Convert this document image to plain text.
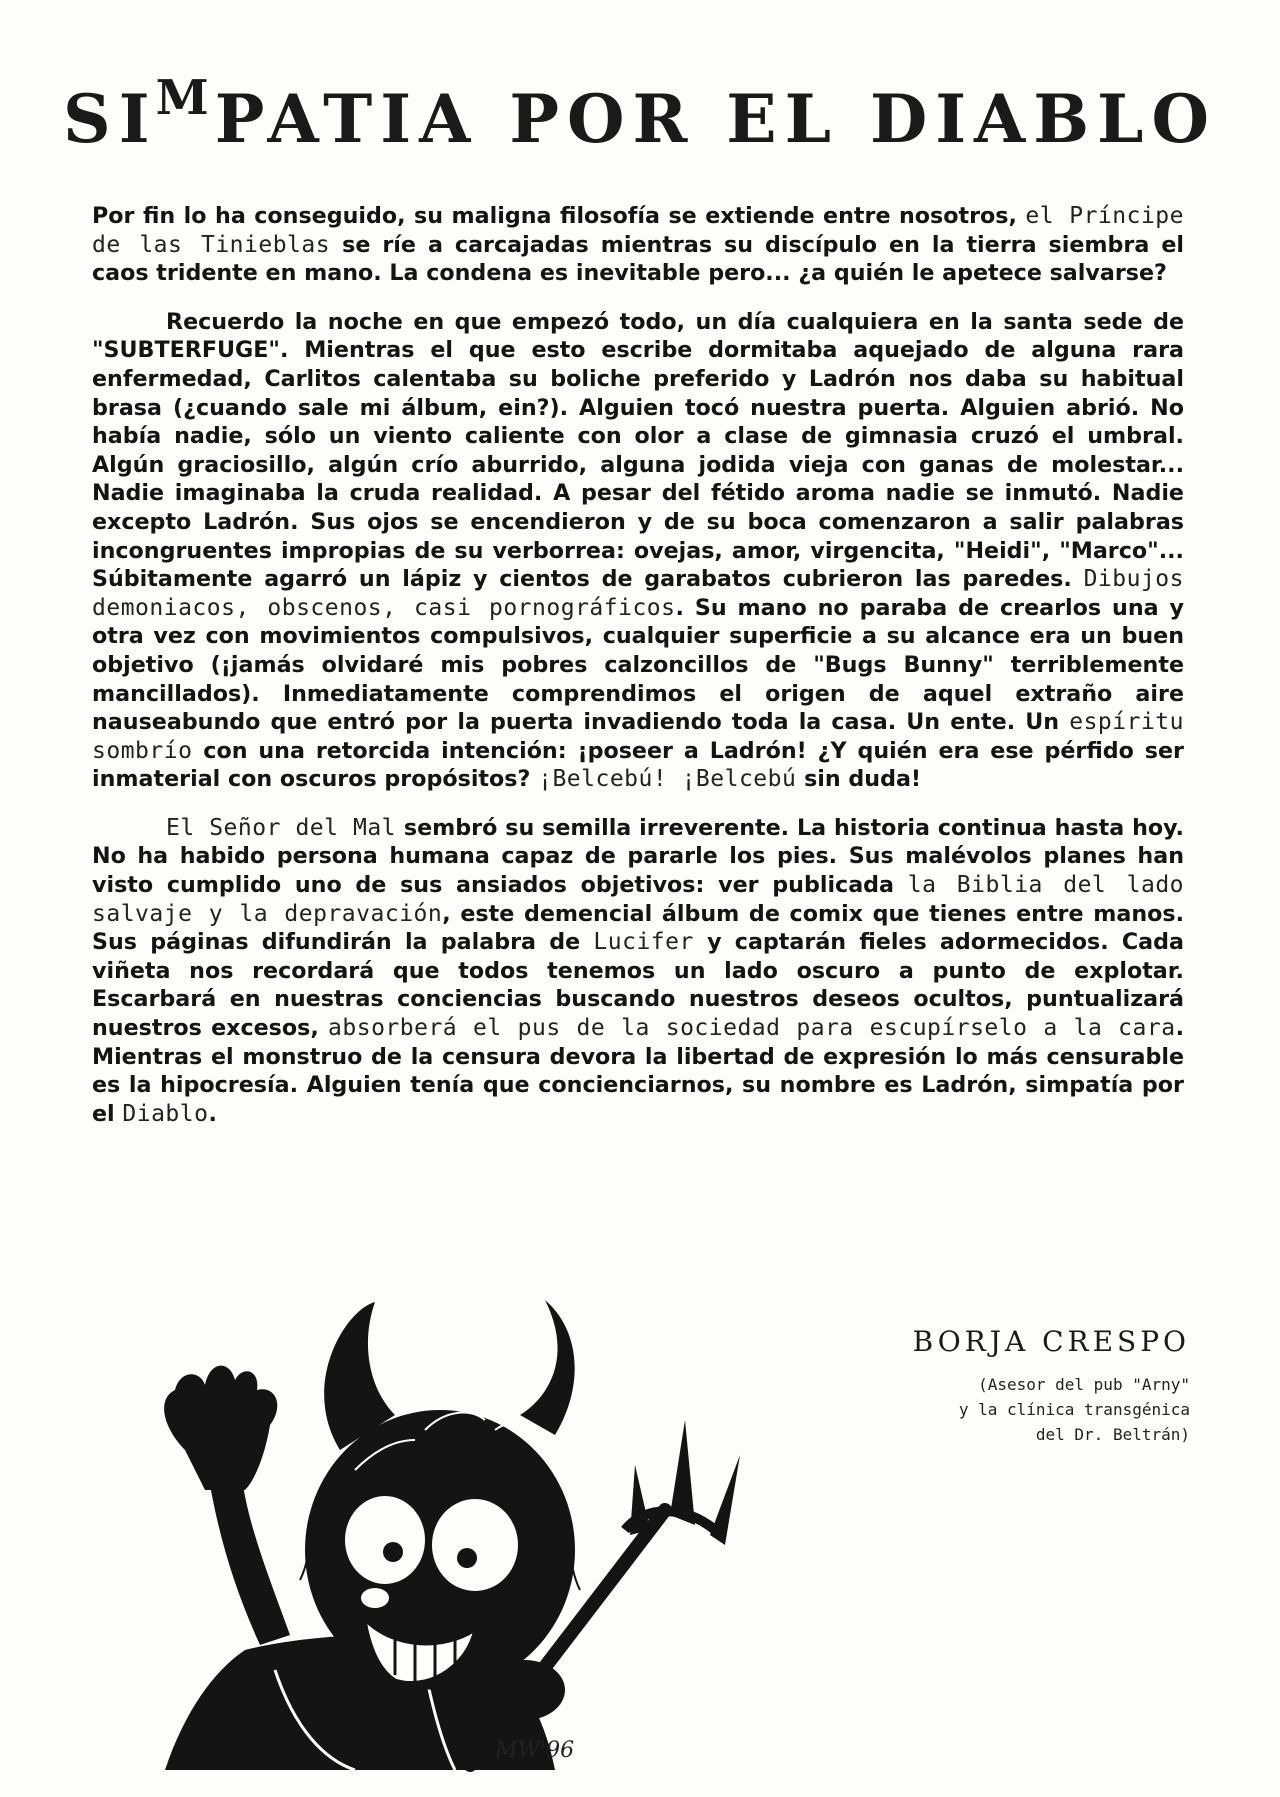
$SI^MPATIA$ POR EL DIABLO

Por fin lo ha conseguido, su maligna filosofía se extiende entre nosotros, el Príncipe de las Tinieblas se ríe a carcajadas mientras su discípulo en la tierra siembra el caos tridente en mano. La condena es inevitable pero... ¿a quién le apetece salvarse?

Recuerdo la noche en que empezó todo, un día cualquiera en la santa sede de "SUBTERFUGE". Mientras el que esto escribe dormitaba aquejado de alguna rara enfermedad, Carlitos calentaba su boliche preferido y Ladrón nos daba su habitual brasa (¿cuando sale mi álbum, ein?). Alguien tocó nuestra puerta. Alguien abrió. No había nadie, sólo un viento caliente con olor a clase de gimnasia cruzó el umbral. Algún graciosillo, algún crío aburrido, alguna jodida vieja con ganas de molestar... Nadie imaginaba la cruda realidad. A pesar del fétido aroma nadie se inmutó. Nadie excepto Ladrón. Sus ojos se encendieron y de su boca comenzaron a salir palabras incongruentes impropias de su verborrea: ovejas, amor, virgencita, "Heidi", "Marco"... Súbitamente agarró un lápiz y cientos de garabatos cubrieron las paredes. Dibujos demoniacos, obscenos, casi pornográficos. Su mano no paraba de crearlos una y otra vez con movimientos compulsivos, cualquier superficie a su alcance era un buen objetivo (¡jamás olvidaré mis pobres calzoncillos de "Bugs Bunny" terriblemente mancillados). Inmediatamente comprendimos el origen de aquel extraño aire nauseabundo que entró por la puerta invadiendo toda la casa. Un ente. Un espíritu sombrío con una retorcida intención: ¡poseer a Ladrón! ¿Y quién era ese pérfido ser inmaterial con oscuros propósitos? ¡Belcebú! ¡Belcebú sin duda!

El Señor del Mal sembró su semilla irreverente. La historia continua hasta hoy. No ha habido persona humana capaz de pararle los pies. Sus malévolos planes han visto cumplido uno de sus ansiados objetivos: ver publicada la Biblia del lado salvaje y la depravación, este demencial álbum de comix que tienes entre manos. Sus páginas difundirán la palabra de Lucifer y captarán fieles adormecidos. Cada viñeta nos recordará que todos tenemos un lado oscuro a punto de explotar. Escarbará en nuestras conciencias buscando nuestros deseos ocultos, puntualizará nuestros excesos, absorberá el pus de la sociedad para escupírselo a la cara. Mientras el monstruo de la censura devora la libertad de expresión lo más censurable es la hipocresía. Alguien tenía que concienciarnos, su nombre es Ladrón, simpatía por el Diablo.

MW'96
BORJA CRESPO
(Asesor del pub "Arny"
y la clínica transgénica
del Dr. Beltrán)
